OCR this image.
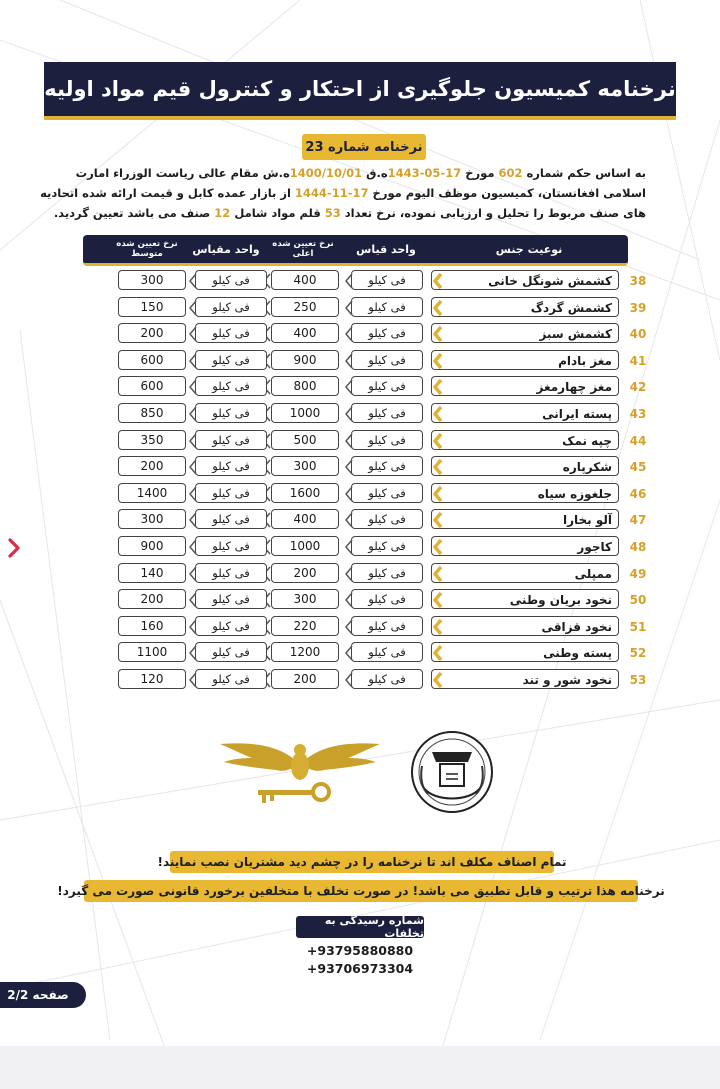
نرخنامه کمیسیون جلوگیری از احتکار و کنترول قیم مواد اولیه
نرخنامه شماره 23
به اساس حکم شماره 602 مورخ 17-05-1443ه.ق 1400/10/01ه.ش مقام عالی ریاست الوزراء امارت اسلامی افغانستان، کمیسیون موظف الیوم مورخ 17-11-1444 از بازار عمده کابل و قیمت ارائه شده اتحادیه های صنف مربوط را تحلیل و ارزیابی نموده، نرخ تعداد 53 قلم مواد شامل 12 صنف می باشد تعیین گردید.
نوعیت جنس
واحد قیاس
نرخ تعیین شده اعلی
واحد مقیاس
نرخ تعیین شده متوسط
38
کشمش شونگل خانی
فی کیلو
400
فی کیلو
300
39
کشمش گردگ
فی کیلو
250
فی کیلو
150
40
کشمش سبز
فی کیلو
400
فی کیلو
200
41
مغز بادام
فی کیلو
900
فی کیلو
600
42
مغز چهارمغز
فی کیلو
800
فی کیلو
600
43
پسته ایرانی
فی کیلو
1000
فی کیلو
850
44
چپه نمک
فی کیلو
500
فی کیلو
350
45
شکرپاره
فی کیلو
300
فی کیلو
200
46
جلغوزه سیاه
فی کیلو
1600
فی کیلو
1400
47
آلو بخارا
فی کیلو
400
فی کیلو
300
48
کاجور
فی کیلو
1000
فی کیلو
900
49
ممپلی
فی کیلو
200
فی کیلو
140
50
نخود بریان وطنی
فی کیلو
300
فی کیلو
200
51
نخود قزاقی
فی کیلو
220
فی کیلو
160
52
پسته وطنی
فی کیلو
1200
فی کیلو
1100
53
نخود شور و تند
فی کیلو
200
فی کیلو
120
تمام اصناف مکلف اند تا نرخنامه را در چشم دید مشتریان نصب نمایند!
نرخنامه هذا ترتیب و قابل تطبیق می باشد! در صورت تخلف با متخلفین برخورد قانونی صورت می گیرد!
شماره رسیدگی به تخلفات
+93795880880
+93706973304
صفحه 2/2
